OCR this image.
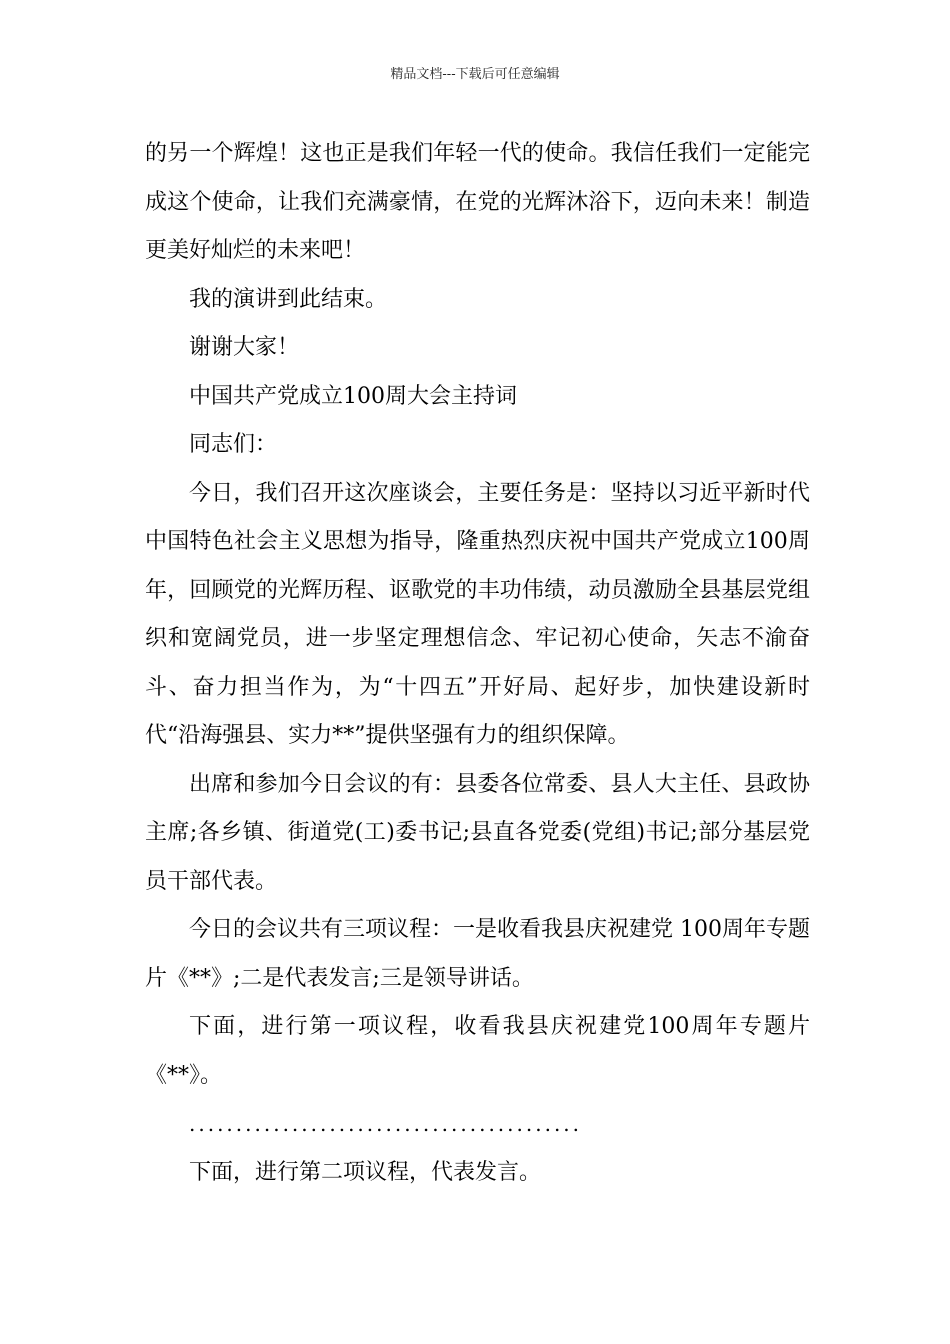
精品文档---下载后可任意编辑

的另一个辉煌！这也正是我们年轻一代的使命。我信任我们一定能完成这个使命，让我们充满豪情，在党的光辉沐浴下，迈向未来！制造更美好灿烂的未来吧！

我的演讲到此结束。

谢谢大家！

中国共产党成立100周大会主持词

同志们：

今日，我们召开这次座谈会，主要任务是：坚持以习近平新时代中国特色社会主义思想为指导，隆重热烈庆祝中国共产党成立100周年，回顾党的光辉历程、讴歌党的丰功伟绩，动员激励全县基层党组织和宽阔党员，进一步坚定理想信念、牢记初心使命，矢志不渝奋斗、奋力担当作为，为“十四五”开好局、起好步，加快建设新时代“沿海强县、实力**”提供坚强有力的组织保障。

出席和参加今日会议的有：县委各位常委、县人大主任、县政协主席;各乡镇、街道党(工)委书记;县直各党委(党组)书记;部分基层党员干部代表。

今日的会议共有三项议程：一是收看我县庆祝建党 100周年专题片《**》;二是代表发言;三是领导讲话。

下面，进行第一项议程，收看我县庆祝建党100周年专题片《**》。

..........................................

下面，进行第二项议程，代表发言。
